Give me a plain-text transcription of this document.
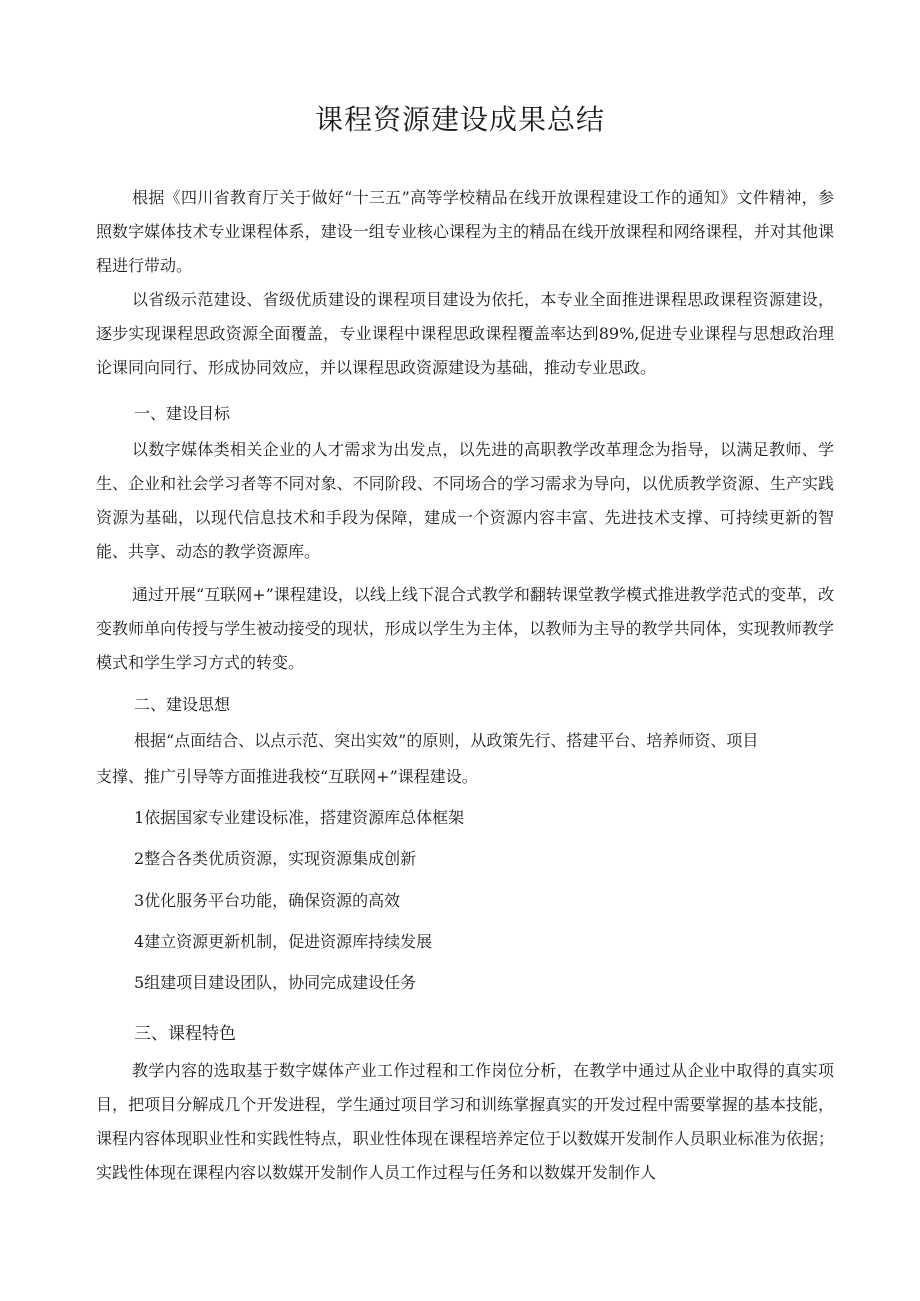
课程资源建设成果总结

根据《四川省教育厅关于做好“十三五”高等学校精品在线开放课程建设工作的通知》文件精神，参照数字媒体技术专业课程体系，建设一组专业核心课程为主的精品在线开放课程和网络课程，并对其他课程进行带动。

以省级示范建设、省级优质建设的课程项目建设为依托，本专业全面推进课程思政课程资源建设，逐步实现课程思政资源全面覆盖，专业课程中课程思政课程覆盖率达到89%,促进专业课程与思想政治理论课同向同行、形成协同效应，并以课程思政资源建设为基础，推动专业思政。

一、建设目标

以数字媒体类相关企业的人才需求为出发点，以先进的高职教学改革理念为指导，以满足教师、学生、企业和社会学习者等不同对象、不同阶段、不同场合的学习需求为导向，以优质教学资源、生产实践资源为基础，以现代信息技术和手段为保障，建成一个资源内容丰富、先进技术支撑、可持续更新的智能、共享、动态的教学资源库。

通过开展“互联网+”课程建设，以线上线下混合式教学和翻转课堂教学模式推进教学范式的变革，改变教师单向传授与学生被动接受的现状，形成以学生为主体，以教师为主导的教学共同体，实现教师教学模式和学生学习方式的转变。

二、建设思想
根据“点面结合、以点示范、突出实效”的原则，从政策先行、搭建平台、培养师资、项目
支撑、推广引导等方面推进我校“互联网+”课程建设。
1依据国家专业建设标准，搭建资源库总体框架
2整合各类优质资源，实现资源集成创新
3优化服务平台功能，确保资源的高效
4建立资源更新机制，促进资源库持续发展
5组建项目建设团队，协同完成建设任务
三、课程特色

教学内容的选取基于数字媒体产业工作过程和工作岗位分析，在教学中通过从企业中取得的真实项目，把项目分解成几个开发进程，学生通过项目学习和训练掌握真实的开发过程中需要掌握的基本技能，课程内容体现职业性和实践性特点，职业性体现在课程培养定位于以数媒开发制作人员职业标准为依据；实践性体现在课程内容以数媒开发制作人员工作过程与任务和以数媒开发制作人
